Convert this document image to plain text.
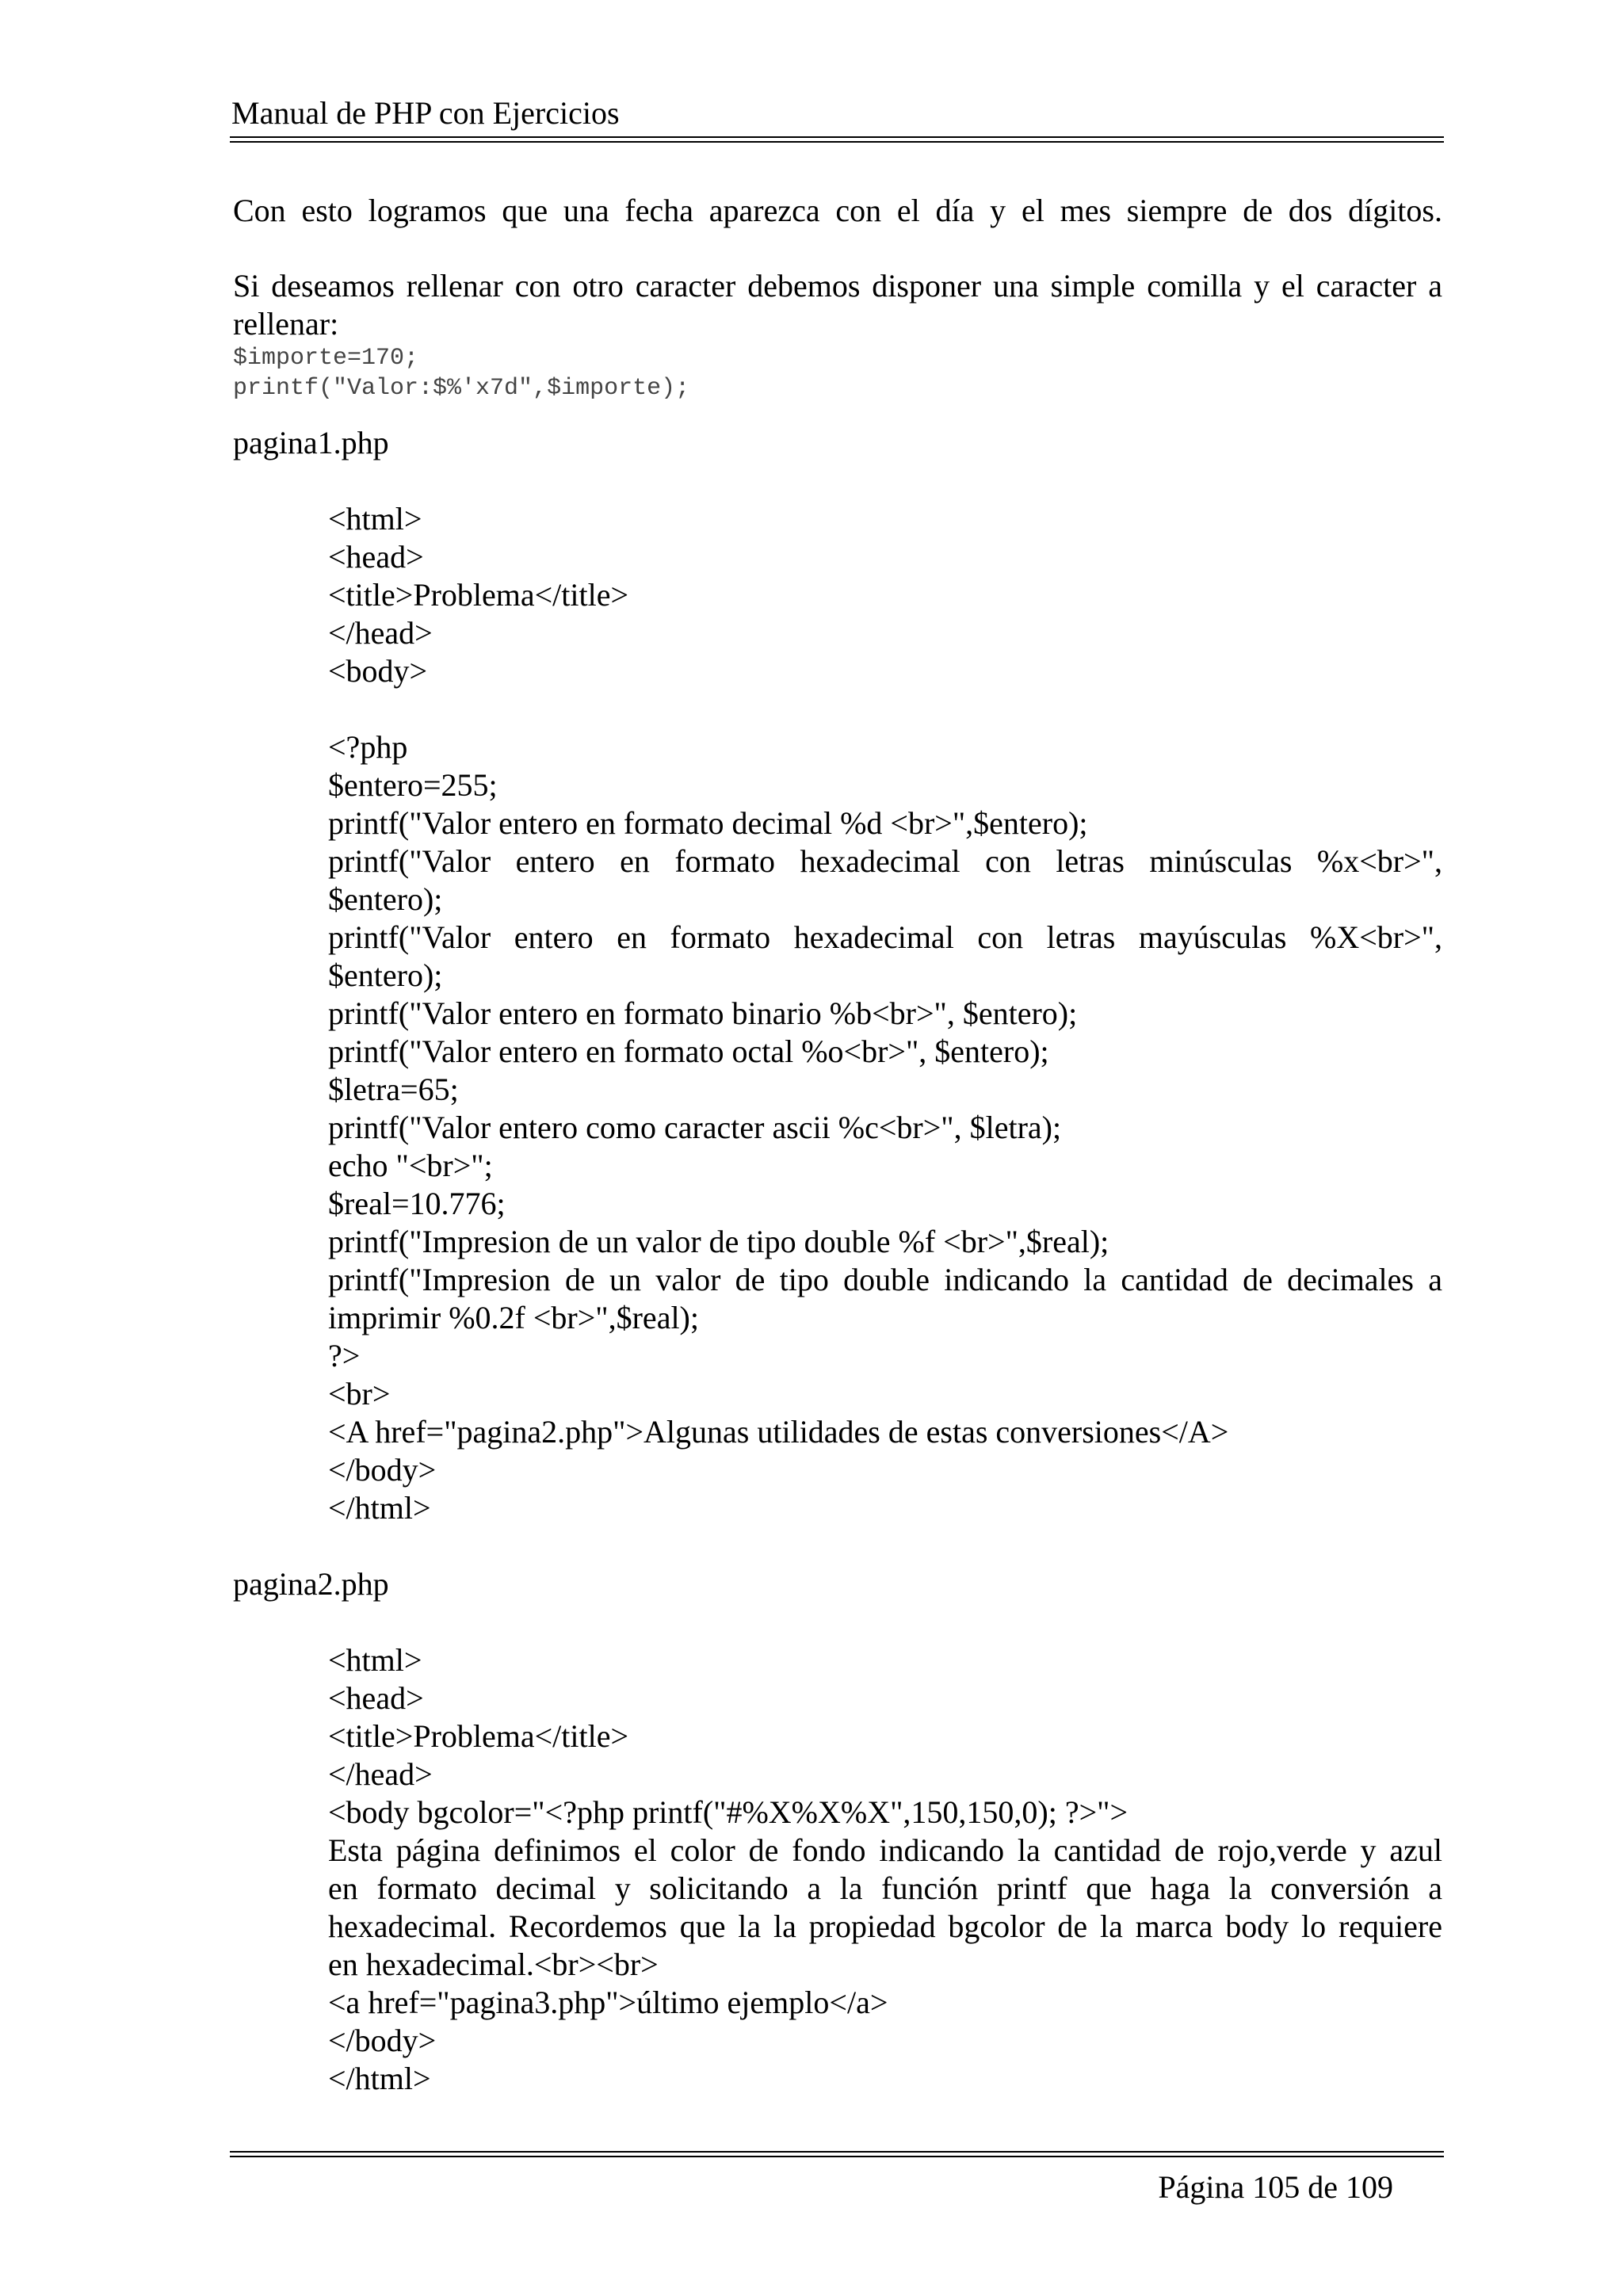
Manual de PHP con Ejercicios

Con esto logramos que una fecha aparezca con el día y el mes siempre de dos dígitos.

Si deseamos rellenar con otro caracter debemos disponer una simple comilla y el caracter a

rellenar:

$importe=170;

printf("Valor:$%'x7d",$importe);

pagina1.php

<html>

<head>

<title>Problema</title>

</head>

<body>

<?php

$entero=255;

printf("Valor entero en formato decimal %d <br>",$entero);

printf("Valor entero en formato hexadecimal con letras minúsculas %x<br>",

$entero);

printf("Valor entero en formato hexadecimal con letras mayúsculas %X<br>",

$entero);

printf("Valor entero en formato binario %b<br>", $entero);

printf("Valor entero en formato octal %o<br>", $entero);

$letra=65;

printf("Valor entero como caracter ascii %c<br>", $letra);

echo "<br>";

$real=10.776;

printf("Impresion de un valor de tipo double %f <br>",$real);

printf("Impresion de un valor de tipo double indicando la cantidad de decimales a

imprimir %0.2f <br>",$real);

?>

<br>

<A href="pagina2.php">Algunas utilidades de estas conversiones</A>

</body>

</html>

pagina2.php

<html>

<head>

<title>Problema</title>

</head>

<body bgcolor="<?php printf("#%X%X%X",150,150,0); ?>">

Esta página definimos el color de fondo indicando la cantidad de rojo,verde y azul

en formato decimal y solicitando a la función printf que haga la conversión a

hexadecimal. Recordemos que la la propiedad bgcolor de la marca body lo requiere

en hexadecimal.<br><br>

<a href="pagina3.php">último ejemplo</a>

</body>

</html>

Página 105 de 109
